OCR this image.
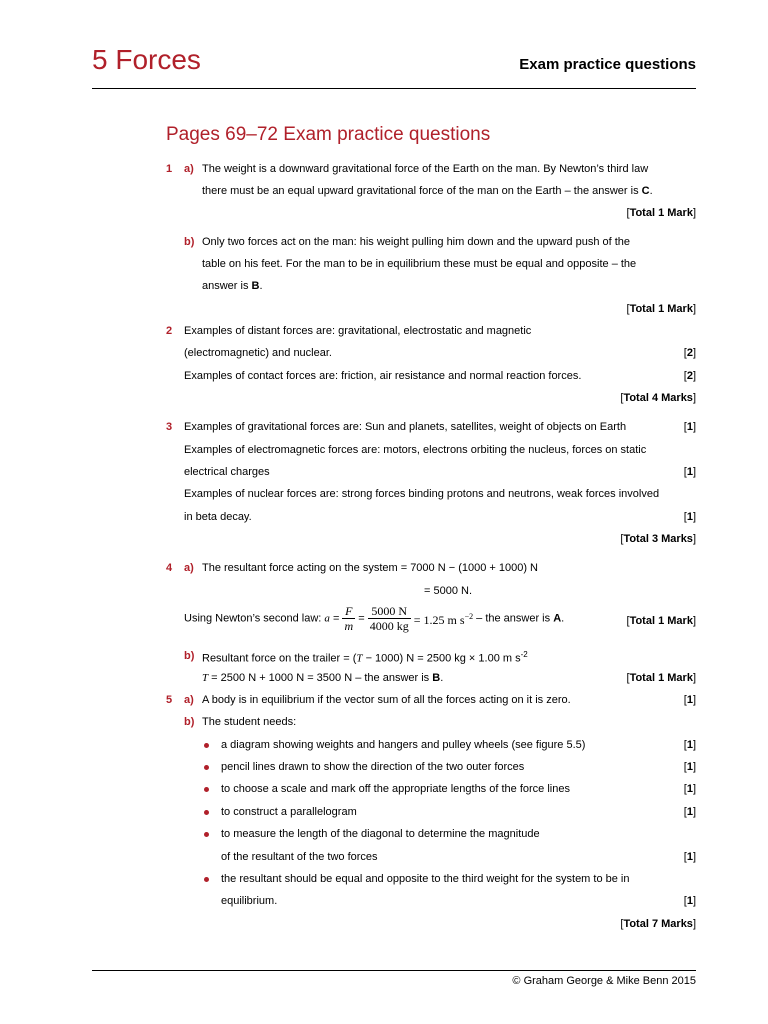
5 Forces	Exam practice questions
Pages 69–72 Exam practice questions
1 a) The weight is a downward gravitational force of the Earth on the man. By Newton’s third law
there must be an equal upward gravitational force of the man on the Earth – the answer is C.
[Total 1 Mark]
b) Only two forces act on the man: his weight pulling him down and the upward push of the
table on his feet. For the man to be in equilibrium these must be equal and opposite – the
answer is B.
[Total 1 Mark]
2 Examples of distant forces are: gravitational, electrostatic and magnetic
(electromagnetic) and nuclear.	[2]
Examples of contact forces are: friction, air resistance and normal reaction forces.	[2]
[Total 4 Marks]
3 Examples of gravitational forces are: Sun and planets, satellites, weight of objects on Earth	[1]
Examples of electromagnetic forces are: motors, electrons orbiting the nucleus, forces on static
electrical charges	[1]
Examples of nuclear forces are: strong forces binding protons and neutrons, weak forces involved
in beta decay.	[1]
[Total 3 Marks]
4 a) The resultant force acting on the system = 7000 N − (1000 + 1000) N
= 5000 N.
Using Newton’s second law: $a = \frac{F}{m} = \frac{5000 N}{4000 kg} = 1.25$ m $s^{-2}$ – the answer is A.	[Total 1 Mark]
b) Resultant force on the trailer = (T − 1000) N = 2500 kg × 1.00 m $s^{-2}$
T = 2500 N + 1000 N = 3500 N – the answer is B.	[Total 1 Mark]
5 a) A body is in equilibrium if the vector sum of all the forces acting on it is zero.	[1]
b) The student needs:
a diagram showing weights and hangers and pulley wheels (see figure 5.5)	[1]
pencil lines drawn to show the direction of the two outer forces	[1]
to choose a scale and mark off the appropriate lengths of the force lines	[1]
to construct a parallelogram	[1]
to measure the length of the diagonal to determine the magnitude
of the resultant of the two forces	[1]
the resultant should be equal and opposite to the third weight for the system to be in
equilibrium.	[1]
[Total 7 Marks]
© Graham George & Mike Benn 2015
